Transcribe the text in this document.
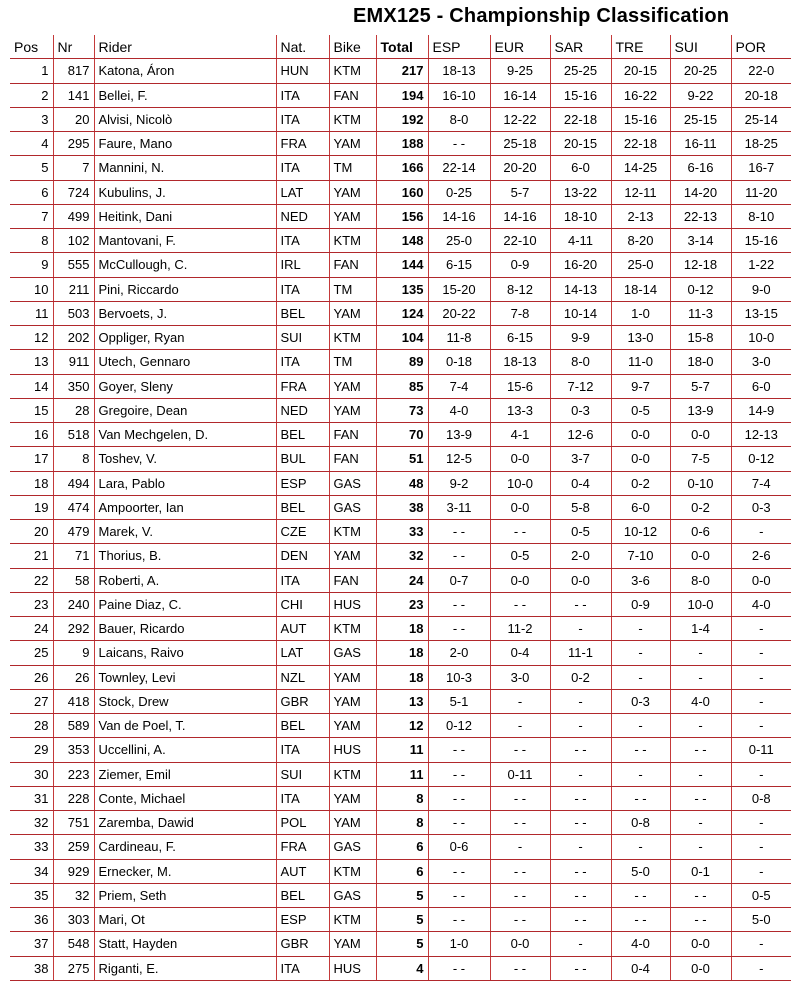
EMX125 - Championship Classification
Pos	Nr	Rider	Nat.	Bike	Total	ESP	EUR	SAR	TRE	SUI	POR
1	817	Katona, Áron	HUN	KTM	217	18-13	9-25	25-25	20-15	20-25	22-0
2	141	Bellei, F.	ITA	FAN	194	16-10	16-14	15-16	16-22	9-22	20-18
3	20	Alvisi, Nicolò	ITA	KTM	192	8-0	12-22	22-18	15-16	25-15	25-14
4	295	Faure, Mano	FRA	YAM	188	- -	25-18	20-15	22-18	16-11	18-25
5	7	Mannini, N.	ITA	TM	166	22-14	20-20	6-0	14-25	6-16	16-7
6	724	Kubulins, J.	LAT	YAM	160	0-25	5-7	13-22	12-11	14-20	11-20
7	499	Heitink, Dani	NED	YAM	156	14-16	14-16	18-10	2-13	22-13	8-10
8	102	Mantovani, F.	ITA	KTM	148	25-0	22-10	4-11	8-20	3-14	15-16
9	555	McCullough, C.	IRL	FAN	144	6-15	0-9	16-20	25-0	12-18	1-22
10	211	Pini, Riccardo	ITA	TM	135	15-20	8-12	14-13	18-14	0-12	9-0
11	503	Bervoets, J.	BEL	YAM	124	20-22	7-8	10-14	1-0	11-3	13-15
12	202	Oppliger, Ryan	SUI	KTM	104	11-8	6-15	9-9	13-0	15-8	10-0
13	911	Utech, Gennaro	ITA	TM	89	0-18	18-13	8-0	11-0	18-0	3-0
14	350	Goyer, Sleny	FRA	YAM	85	7-4	15-6	7-12	9-7	5-7	6-0
15	28	Gregoire, Dean	NED	YAM	73	4-0	13-3	0-3	0-5	13-9	14-9
16	518	Van Mechgelen, D.	BEL	FAN	70	13-9	4-1	12-6	0-0	0-0	12-13
17	8	Toshev, V.	BUL	FAN	51	12-5	0-0	3-7	0-0	7-5	0-12
18	494	Lara, Pablo	ESP	GAS	48	9-2	10-0	0-4	0-2	0-10	7-4
19	474	Ampoorter, Ian	BEL	GAS	38	3-11	0-0	5-8	6-0	0-2	0-3
20	479	Marek, V.	CZE	KTM	33	- -	- -	0-5	10-12	0-6	-
21	71	Thorius, B.	DEN	YAM	32	- -	0-5	2-0	7-10	0-0	2-6
22	58	Roberti, A.	ITA	FAN	24	0-7	0-0	0-0	3-6	8-0	0-0
23	240	Paine Diaz, C.	CHI	HUS	23	- -	- -	- -	0-9	10-0	4-0
24	292	Bauer, Ricardo	AUT	KTM	18	- -	11-2	-	-	1-4	-
25	9	Laicans, Raivo	LAT	GAS	18	2-0	0-4	11-1	-	-	-
26	26	Townley, Levi	NZL	YAM	18	10-3	3-0	0-2	-	-	-
27	418	Stock, Drew	GBR	YAM	13	5-1	-	-	0-3	4-0	-
28	589	Van de Poel, T.	BEL	YAM	12	0-12	-	-	-	-	-
29	353	Uccellini, A.	ITA	HUS	11	- -	- -	- -	- -	- -	0-11
30	223	Ziemer, Emil	SUI	KTM	11	- -	0-11	-	-	-	-
31	228	Conte, Michael	ITA	YAM	8	- -	- -	- -	- -	- -	0-8
32	751	Zaremba, Dawid	POL	YAM	8	- -	- -	- -	0-8	-	-
33	259	Cardineau, F.	FRA	GAS	6	0-6	-	-	-	-	-
34	929	Ernecker, M.	AUT	KTM	6	- -	- -	- -	5-0	0-1	-
35	32	Priem, Seth	BEL	GAS	5	- -	- -	- -	- -	- -	0-5
36	303	Mari, Ot	ESP	KTM	5	- -	- -	- -	- -	- -	5-0
37	548	Statt, Hayden	GBR	YAM	5	1-0	0-0	-	4-0	0-0	-
38	275	Riganti, E.	ITA	HUS	4	- -	- -	- -	0-4	0-0	-
